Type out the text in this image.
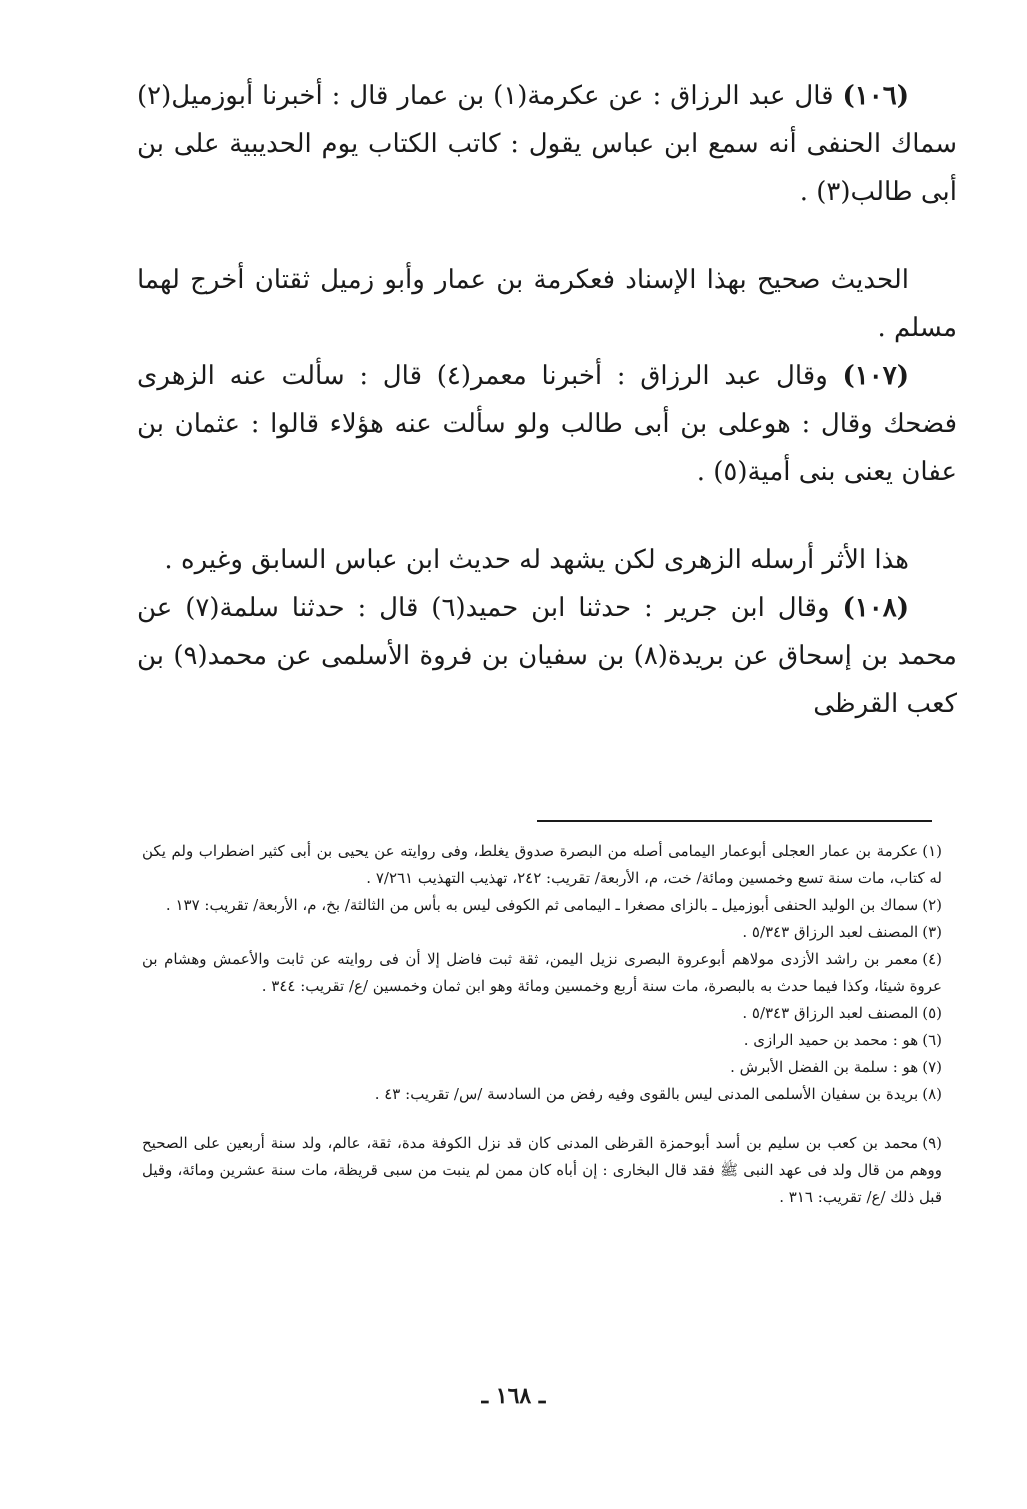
(١٠٦) قال عبد الرزاق : عن عكرمة(١) بن عمار قال : أخبرنا أبوزميل(٢) سماك الحنفى أنه سمع ابن عباس يقول : كاتب الكتاب يوم الحديبية على بن أبى طالب(٣) .

الحديث صحيح بهذا الإسناد فعكرمة بن عمار وأبو زميل ثقتان أخرج لهما مسلم .

(١٠٧) وقال عبد الرزاق : أخبرنا معمر(٤) قال : سألت عنه الزهرى فضحك وقال : هوعلى بن أبى طالب ولو سألت عنه هؤلاء قالوا : عثمان بن عفان يعنى بنى أمية(٥) .

هذا الأثر أرسله الزهرى لكن يشهد له حديث ابن عباس السابق وغيره .

(١٠٨) وقال ابن جرير : حدثنا ابن حميد(٦) قال : حدثنا سلمة(٧) عن محمد بن إسحاق عن بريدة(٨) بن سفيان بن فروة الأسلمى عن محمد(٩) بن كعب القرظى

(١)عكرمة بن عمار العجلى أبوعمار اليمامى أصله من البصرة صدوق يغلط، وفى روايته عن يحيى بن أبى كثير اضطراب ولم يكن له كتاب، مات سنة تسع وخمسين ومائة/ خت، م، الأربعة/ تقريب: ٢٤٢، تهذيب التهذيب ٧/٢٦١ .

(٢)سماك بن الوليد الحنفى أبوزميل ـ بالزاى مصغرا ـ اليمامى ثم الكوفى ليس به بأس من الثالثة/ بخ، م، الأربعة/ تقريب: ١٣٧ .

(٣)المصنف لعبد الرزاق ٥/٣٤٣ .

(٤)معمر بن راشد الأزدى مولاهم أبوعروة البصرى نزيل اليمن، ثقة ثبت فاضل إلا أن فى روايته عن ثابت والأعمش وهشام بن عروة شيئا، وكذا فيما حدث به بالبصرة، مات سنة أربع وخمسين ومائة وهو ابن ثمان وخمسين /ع/ تقريب: ٣٤٤ .

(٥)المصنف لعبد الرزاق ٥/٣٤٣ .

(٦)هو : محمد بن حميد الرازى .

(٧)هو : سلمة بن الفضل الأبرش .

(٨)بريدة بن سفيان الأسلمى المدنى ليس بالقوى وفيه رفض من السادسة /س/ تقريب: ٤٣ .

(٩)محمد بن كعب بن سليم بن أسد أبوحمزة القرظى المدنى كان قد نزل الكوفة مدة، ثقة، عالم، ولد سنة أربعين على الصحيح ووهم من قال ولد فى عهد النبى ﷺ فقد قال البخارى : إن أباه كان ممن لم ينبت من سبى قريظة، مات سنة عشرين ومائة، وقيل قبل ذلك /ع/ تقريب: ٣١٦ .

ـ ١٦٨ ـ
